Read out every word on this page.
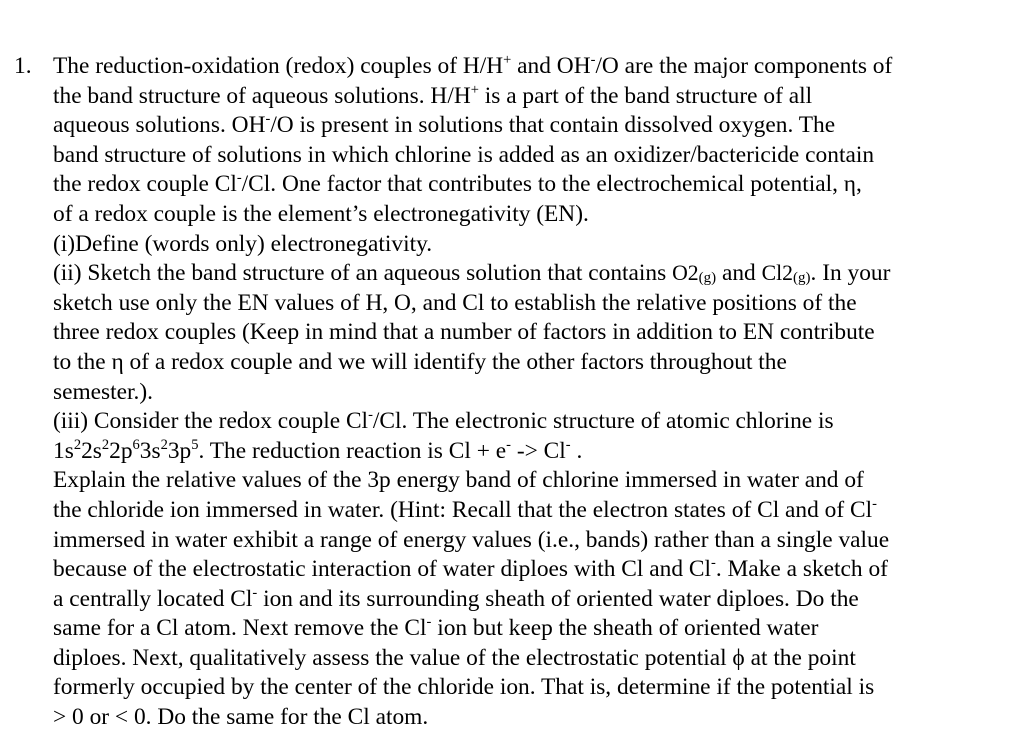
1. The reduction-oxidation (redox) couples of H/H+ and OH-/O are the major components of
the band structure of aqueous solutions. H/H+ is a part of the band structure of all
aqueous solutions. OH-/O is present in solutions that contain dissolved oxygen. The
band structure of solutions in which chlorine is added as an oxidizer/bactericide contain
the redox couple Cl-/Cl. One factor that contributes to the electrochemical potential, η,
of a redox couple is the element’s electronegativity (EN).
(i)Define (words only) electronegativity.
(ii) Sketch the band structure of an aqueous solution that contains O2(g) and Cl2(g). In your
sketch use only the EN values of H, O, and Cl to establish the relative positions of the
three redox couples (Keep in mind that a number of factors in addition to EN contribute
to the η of a redox couple and we will identify the other factors throughout the
semester.).
(iii) Consider the redox couple Cl-/Cl. The electronic structure of atomic chlorine is
$1s^22s^22p^63s^23p^5$. The reduction reaction is Cl + e- -> Cl- .
Explain the relative values of the 3p energy band of chlorine immersed in water and of
the chloride ion immersed in water. (Hint: Recall that the electron states of Cl and of Cl-
immersed in water exhibit a range of energy values (i.e., bands) rather than a single value
because of the electrostatic interaction of water diploes with Cl and Cl-. Make a sketch of
a centrally located Cl- ion and its surrounding sheath of oriented water diploes. Do the
same for a Cl atom. Next remove the Cl- ion but keep the sheath of oriented water
diploes. Next, qualitatively assess the value of the electrostatic potential ϕ at the point
formerly occupied by the center of the chloride ion. That is, determine if the potential is
> 0 or < 0. Do the same for the Cl atom.
